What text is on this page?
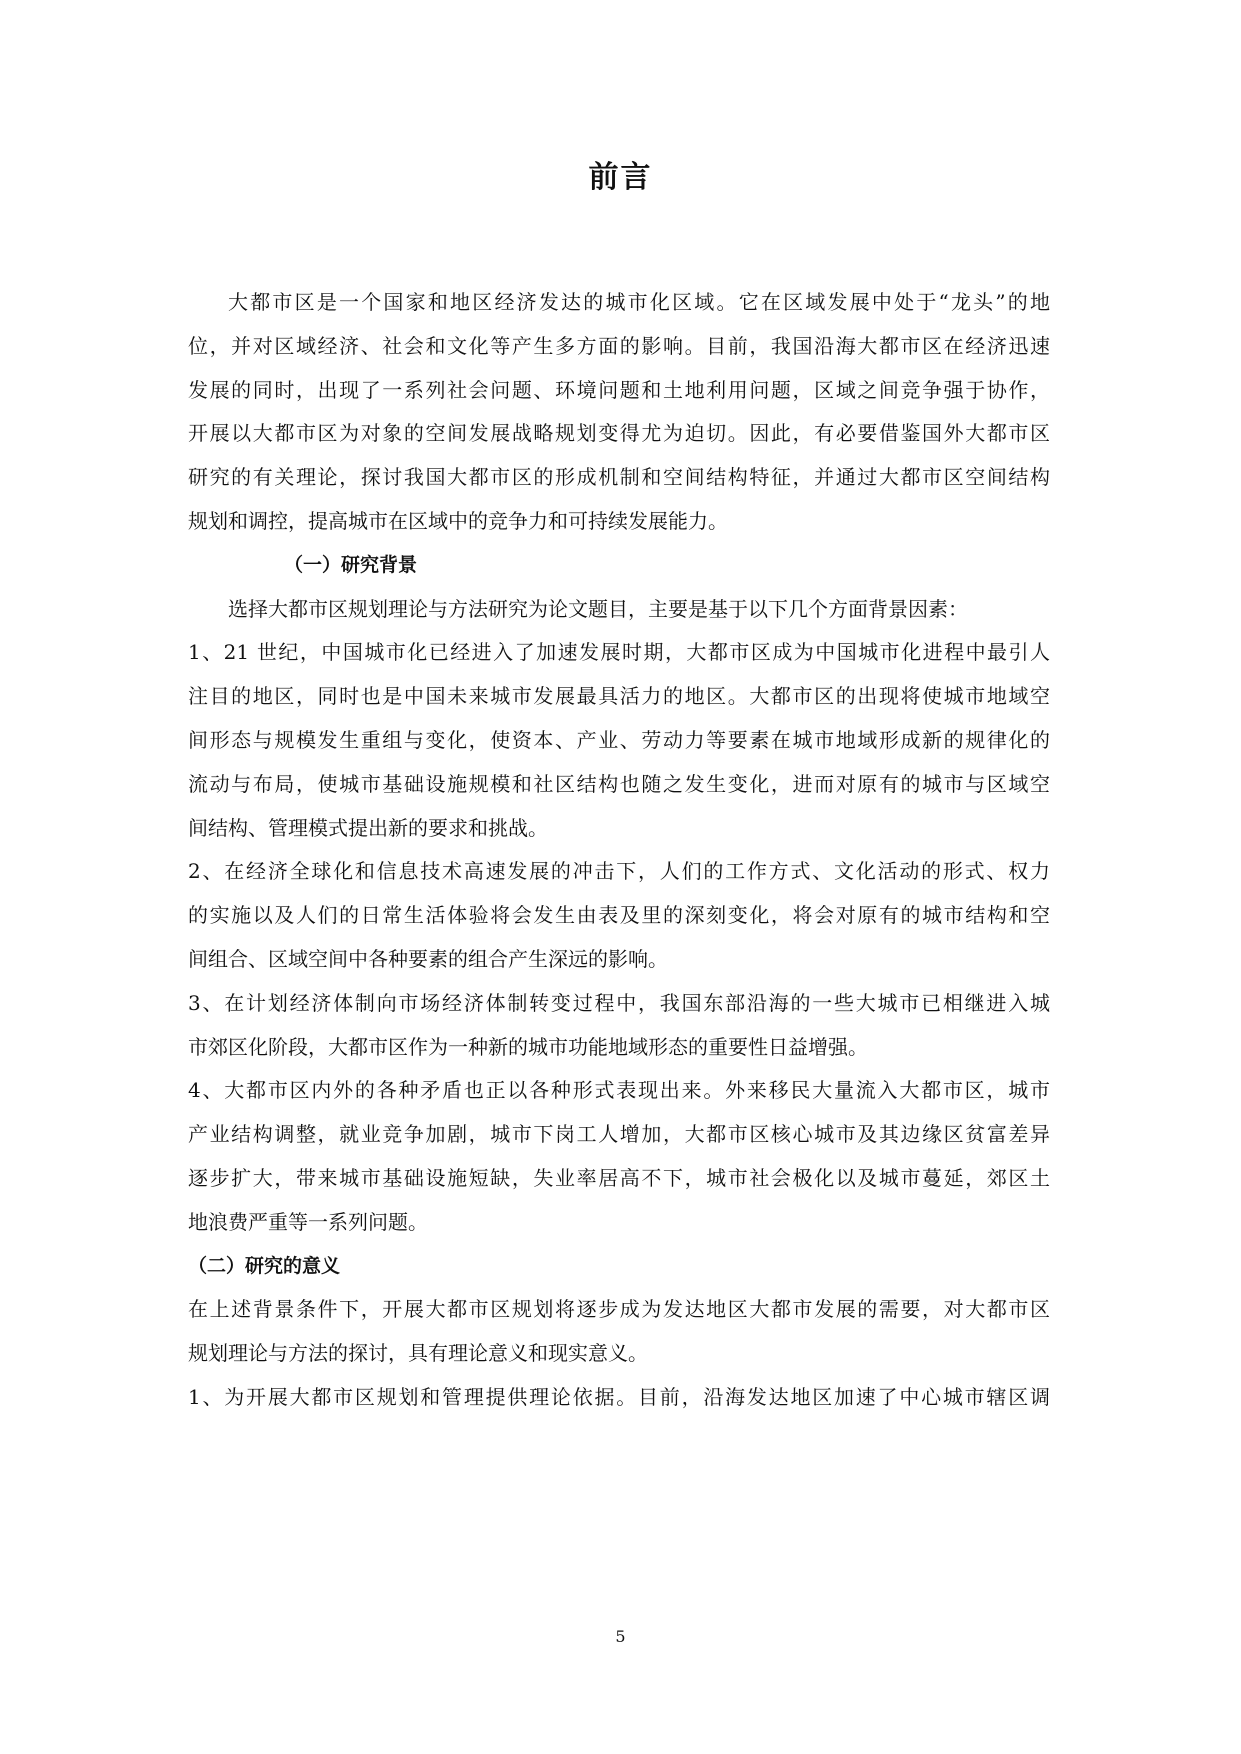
前言
大都市区是一个国家和地区经济发达的城市化区域。它在区域发展中处于“龙头”的地
位，并对区域经济、社会和文化等产生多方面的影响。目前，我国沿海大都市区在经济迅速
发展的同时，出现了一系列社会问题、环境问题和土地利用问题，区域之间竞争强于协作，
开展以大都市区为对象的空间发展战略规划变得尤为迫切。因此，有必要借鉴国外大都市区
研究的有关理论，探讨我国大都市区的形成机制和空间结构特征，并通过大都市区空间结构
规划和调控，提高城市在区域中的竞争力和可持续发展能力。
（一）研究背景
选择大都市区规划理论与方法研究为论文题目，主要是基于以下几个方面背景因素：
1、21 世纪，中国城市化已经进入了加速发展时期，大都市区成为中国城市化进程中最引人
注目的地区，同时也是中国未来城市发展最具活力的地区。大都市区的出现将使城市地域空
间形态与规模发生重组与变化，使资本、产业、劳动力等要素在城市地域形成新的规律化的
流动与布局，使城市基础设施规模和社区结构也随之发生变化，进而对原有的城市与区域空
间结构、管理模式提出新的要求和挑战。
2、在经济全球化和信息技术高速发展的冲击下，人们的工作方式、文化活动的形式、权力
的实施以及人们的日常生活体验将会发生由表及里的深刻变化，将会对原有的城市结构和空
间组合、区域空间中各种要素的组合产生深远的影响。
3、在计划经济体制向市场经济体制转变过程中，我国东部沿海的一些大城市已相继进入城
市郊区化阶段，大都市区作为一种新的城市功能地域形态的重要性日益增强。
4、大都市区内外的各种矛盾也正以各种形式表现出来。外来移民大量流入大都市区，城市
产业结构调整，就业竞争加剧，城市下岗工人增加，大都市区核心城市及其边缘区贫富差异
逐步扩大，带来城市基础设施短缺，失业率居高不下，城市社会极化以及城市蔓延，郊区土
地浪费严重等一系列问题。
（二）研究的意义
在上述背景条件下，开展大都市区规划将逐步成为发达地区大都市发展的需要，对大都市区
规划理论与方法的探讨，具有理论意义和现实意义。
1、为开展大都市区规划和管理提供理论依据。目前，沿海发达地区加速了中心城市辖区调
5
